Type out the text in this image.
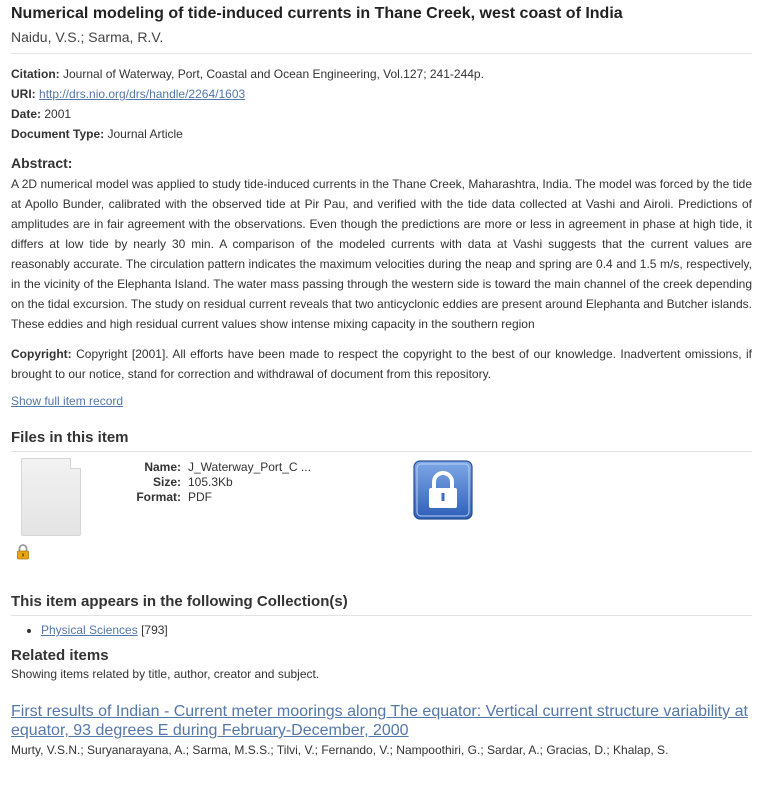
Numerical modeling of tide-induced currents in Thane Creek, west coast of India
Naidu, V.S.; Sarma, R.V.
Citation: Journal of Waterway, Port, Coastal and Ocean Engineering, Vol.127; 241-244p.
URI: http://drs.nio.org/drs/handle/2264/1603
Date: 2001
Document Type: Journal Article
Abstract:

A 2D numerical model was applied to study tide-induced currents in the Thane Creek, Maharashtra, India. The model was forced by the tide at Apollo Bunder, calibrated with the observed tide at Pir Pau, and verified with the tide data collected at Vashi and Airoli. Predictions of amplitudes are in fair agreement with the observations. Even though the predictions are more or less in agreement in phase at high tide, it differs at low tide by nearly 30 min. A comparison of the modeled currents with data at Vashi suggests that the current values are reasonably accurate. The circulation pattern indicates the maximum velocities during the neap and spring are 0.4 and 1.5 m/s, respectively, in the vicinity of the Elephanta Island. The water mass passing through the western side is toward the main channel of the creek depending on the tidal excursion. The study on residual current reveals that two anticyclonic eddies are present around Elephanta and Butcher islands. These eddies and high residual current values show intense mixing capacity in the southern region

Copyright: Copyright [2001]. All efforts have been made to respect the copyright to the best of our knowledge. Inadvertent omissions, if brought to our notice, stand for correction and withdrawal of document from this repository.
Show full item record
Files in this item
Name: J_Waterway_Port_C ...
Size: 105.3Kb
Format: PDF
This item appears in the following Collection(s)
• Physical Sciences [793]
Related items

Showing items related by title, author, creator and subject.

First results of Indian - Current meter moorings along The equator: Vertical current structure variability at equator, 93 degrees E during February-December, 2000
Murty, V.S.N.; Suryanarayana, A.; Sarma, M.S.S.; Tilvi, V.; Fernando, V.; Nampoothiri, G.; Sardar, A.; Gracias, D.; Khalap, S.
